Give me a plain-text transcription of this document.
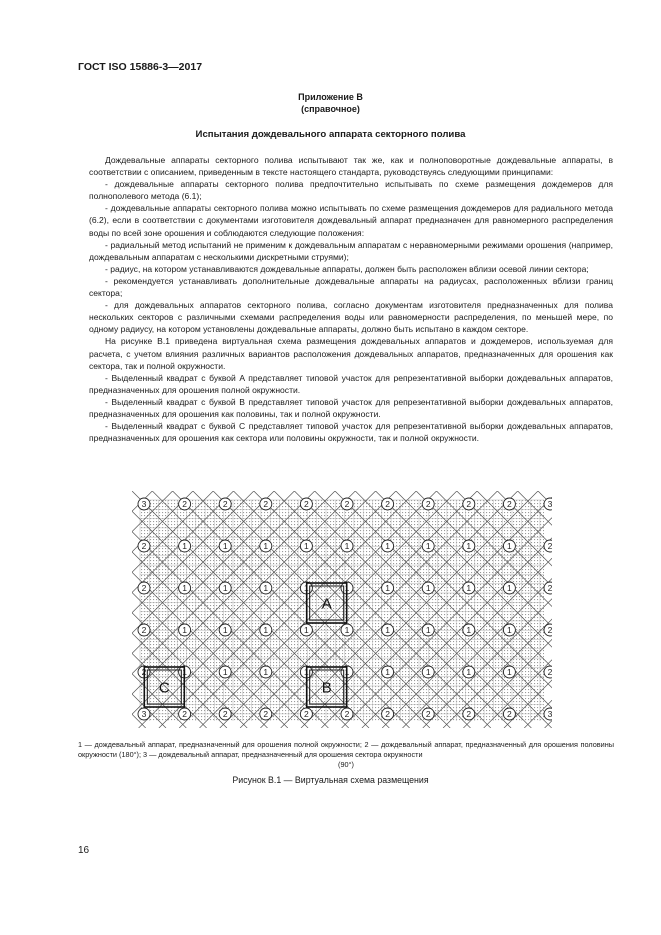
ГОСТ ISO 15886-3—2017
Приложение В
(справочное)
Испытания дождевального аппарата секторного полива

Дождевальные аппараты секторного полива испытывают так же, как и полноповоротные дождевальные аппараты, в соответствии с описанием, приведенным в тексте настоящего стандарта, руководствуясь следующими принципами:

- дождевальные аппараты секторного полива предпочтительно испытывать по схеме размещения дождемеров для полнополевого метода (6.1);

- дождевальные аппараты секторного полива можно испытывать по схеме размещения дождемеров для радиального метода (6.2), если в соответствии с документами изготовителя дождевальный аппарат предназначен для равномерного распределения воды по всей зоне орошения и соблюдаются следующие положения:

- радиальный метод испытаний не применим к дождевальным аппаратам с неравномерными режимами орошения (например, дождевальным аппаратам с несколькими дискретными струями);

- радиус, на котором устанавливаются дождевальные аппараты, должен быть расположен вблизи осевой линии сектора;

- рекомендуется устанавливать дополнительные дождевальные аппараты на радиусах, расположенных вблизи границ сектора;

- для дождевальных аппаратов секторного полива, согласно документам изготовителя предназначенных для полива нескольких секторов с различными схемами распределения воды или равномерности распределения, по меньшей мере, по одному радиусу, на котором установлены дождевальные аппараты, должно быть испытано в каждом секторе.

На рисунке В.1 приведена виртуальная схема размещения дождевальных аппаратов и дождемеров, используемая для расчета, с учетом влияния различных вариантов расположения дождевальных аппаратов, предназначенных для орошения как сектора, так и полной окружности.

- Выделенный квадрат с буквой A представляет типовой участок для репрезентативной выборки дождевальных аппаратов, предназначенных для орошения полной окружности.

- Выделенный квадрат с буквой B представляет типовой участок для репрезентативной выборки дождевальных аппаратов, предназначенных для орошения как половины, так и полной окружности.

- Выделенный квадрат с буквой C представляет типовой участок для репрезентативной выборки дождевальных аппаратов, предназначенных для орошения как сектора или половины окружности, так и полной окружности.

3	2	2	2	2	2	2	2	2	2	3
2	1	1	1	1	1	1	1	1	1	2
2	1	1	1	1	1	1	1	1	1	2
2	1	1	1	1	1	1	1	1	1	2
2	1	1	1	1	1	1	1	1	1	2
3	2	2	2	2	2	2	2	2	2	3
A
B
C
1 — дождевальный аппарат, предназначенный для орошения полной окружности; 2 — дождевальный аппарат, предназначенный для орошения половины окружности (180°); 3 — дождевальный аппарат, предназначенный для орошения сектора окружности
(90°)
Рисунок В.1 — Виртуальная схема размещения
16
